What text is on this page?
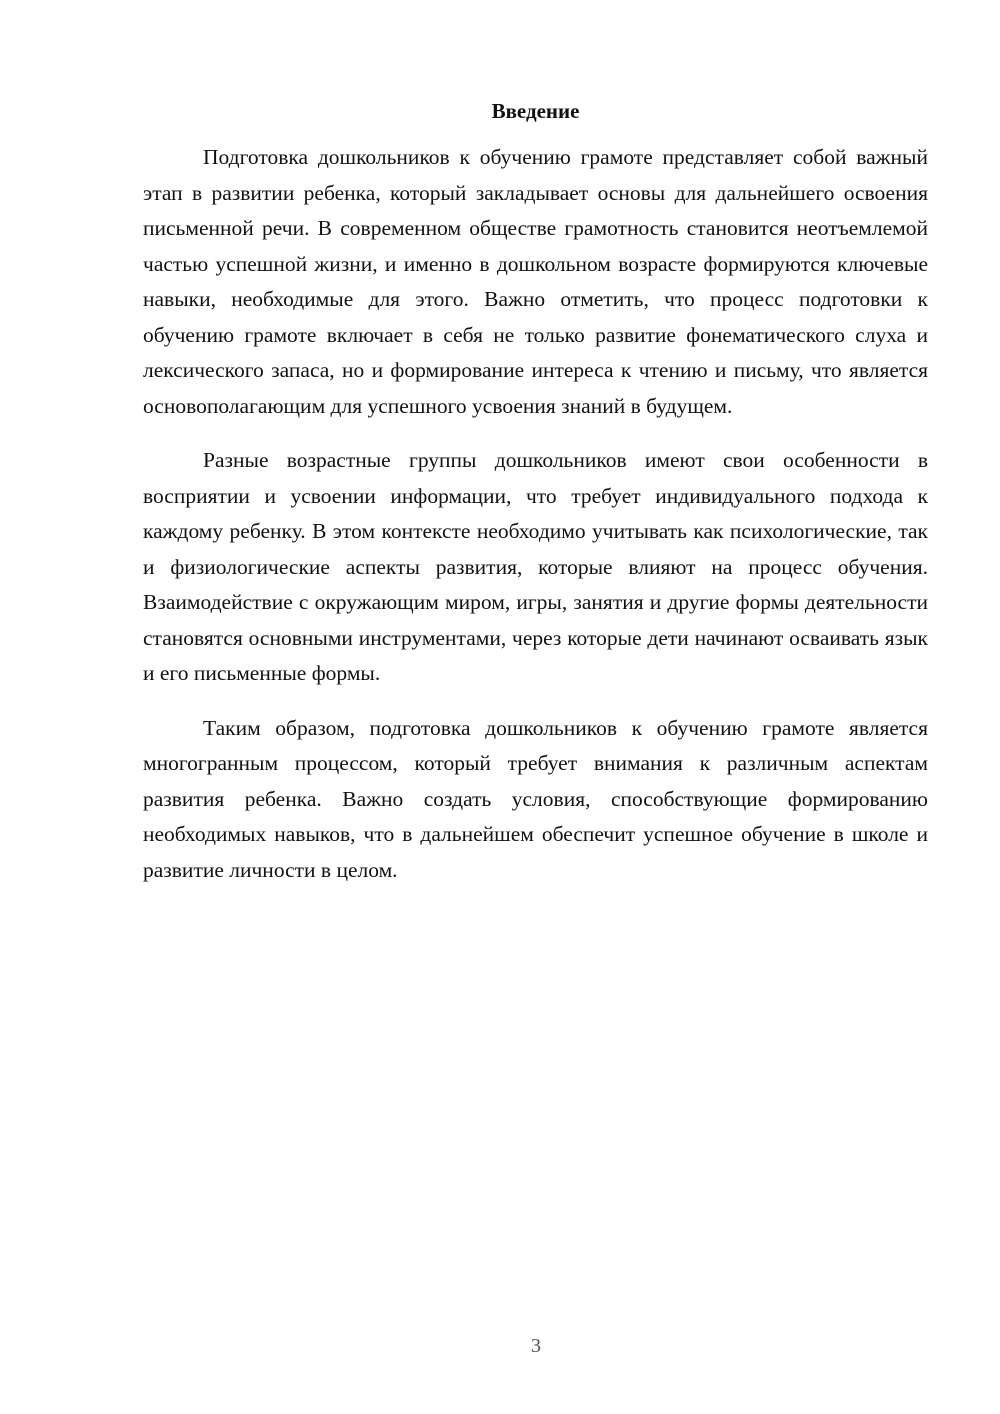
Введение

Подготовка дошкольников к обучению грамоте представляет собой важный этап в развитии ребенка, который закладывает основы для дальнейшего освоения письменной речи. В современном обществе грамотность становится неотъемлемой частью успешной жизни, и именно в дошкольном возрасте формируются ключевые навыки, необходимые для этого. Важно отметить, что процесс подготовки к обучению грамоте включает в себя не только развитие фонематического слуха и лексического запаса, но и формирование интереса к чтению и письму, что является основополагающим для успешного усвоения знаний в будущем.

Разные возрастные группы дошкольников имеют свои особенности в восприятии и усвоении информации, что требует индивидуального подхода к каждому ребенку. В этом контексте необходимо учитывать как психологические, так и физиологические аспекты развития, которые влияют на процесс обучения. Взаимодействие с окружающим миром, игры, занятия и другие формы деятельности становятся основными инструментами, через которые дети начинают осваивать язык и его письменные формы.

Таким образом, подготовка дошкольников к обучению грамоте является многогранным процессом, который требует внимания к различным аспектам развития ребенка. Важно создать условия, способствующие формированию необходимых навыков, что в дальнейшем обеспечит успешное обучение в школе и развитие личности в целом.

3
